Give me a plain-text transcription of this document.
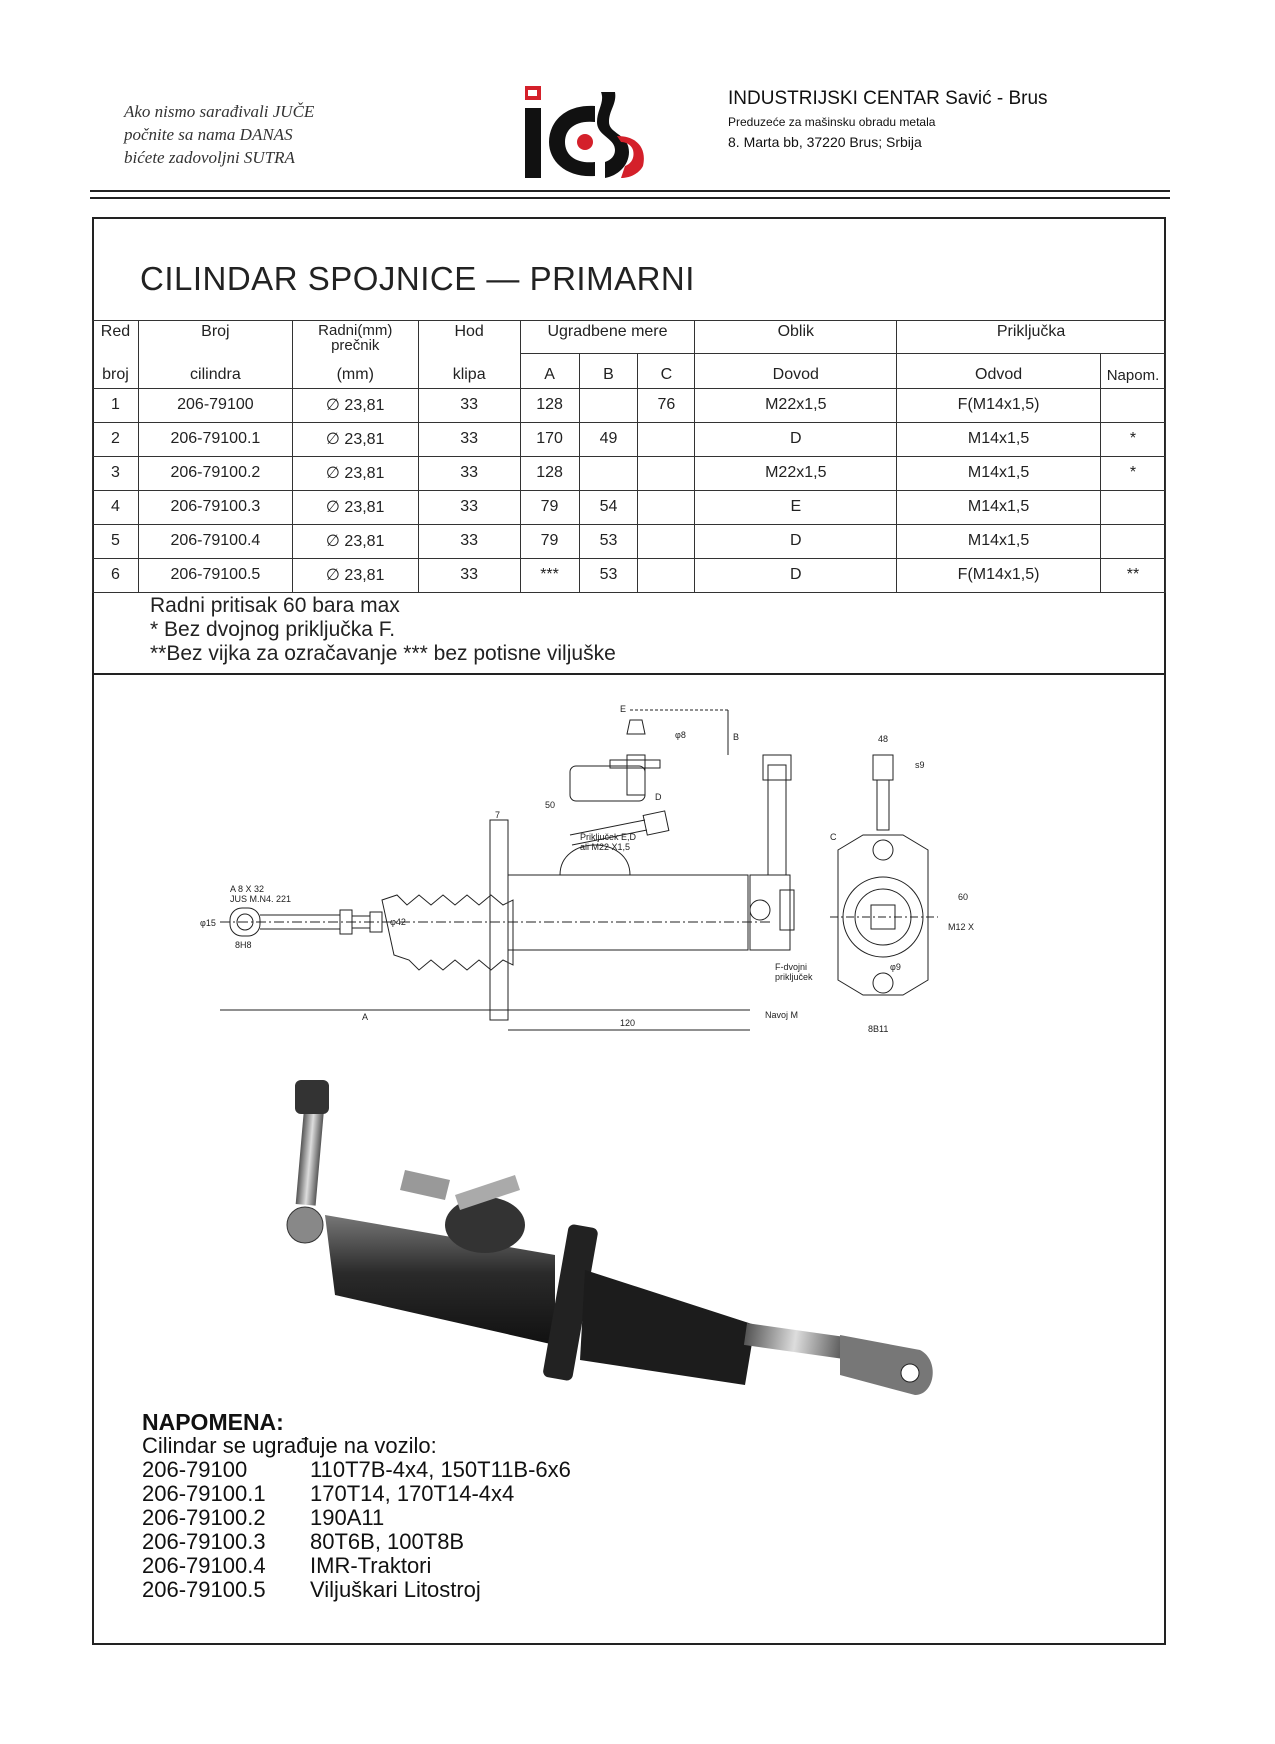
Ako nismo sarađivali JUČE
počnite sa nama DANAS
bićete zadovoljni SUTRA
INDUSTRIJSKI CENTAR Savić - Brus
Preduzeće za mašinsku obradu metala
8. Marta bb, 37220 Brus; Srbija
CILINDAR SPOJNICE — PRIMARNI
Red	Broj	Radni(mm)
prečnik	Hod	Ugradbene mere			Oblik	Priključka	
broj	cilindra	(mm)	klipa	A	B	C	Dovod	Odvod	Napom.
1	206-79100	∅ 23,81	33	128		76	M22x1,5	F(M14x1,5)	
2	206-79100.1	∅ 23,81	33	170	49		D	M14x1,5	*
3	206-79100.2	∅ 23,81	33	128			M22x1,5	M14x1,5	*
4	206-79100.3	∅ 23,81	33	79	54		E	M14x1,5	
5	206-79100.4	∅ 23,81	33	79	53		D	M14x1,5	
6	206-79100.5	∅ 23,81	33	***	53		D	F(M14x1,5)	**
Radni pritisak 60 bara max
* Bez dvojnog priključka F.
**Bez vijka za ozračavanje *** bez potisne viljuške
E
φ8	B
A 8 X 32
JUS M.N4. 221
φ15	φ42
8H8
A
120
50
7
D
C
Priključek E,D
ali M22 X1,5
F-dvojni
priključek
Navoj M
48
s9
M12 X
60
φ9
8B11
NAPOMENA:
Cilindar se ugrađuje na vozilo:
206-79100	110T7B-4x4, 150T11B-6x6
206-79100.1	170T14, 170T14-4x4
206-79100.2	190A11
206-79100.3	80T6B, 100T8B
206-79100.4	IMR-Traktori
206-79100.5	Viljuškari Litostroj
